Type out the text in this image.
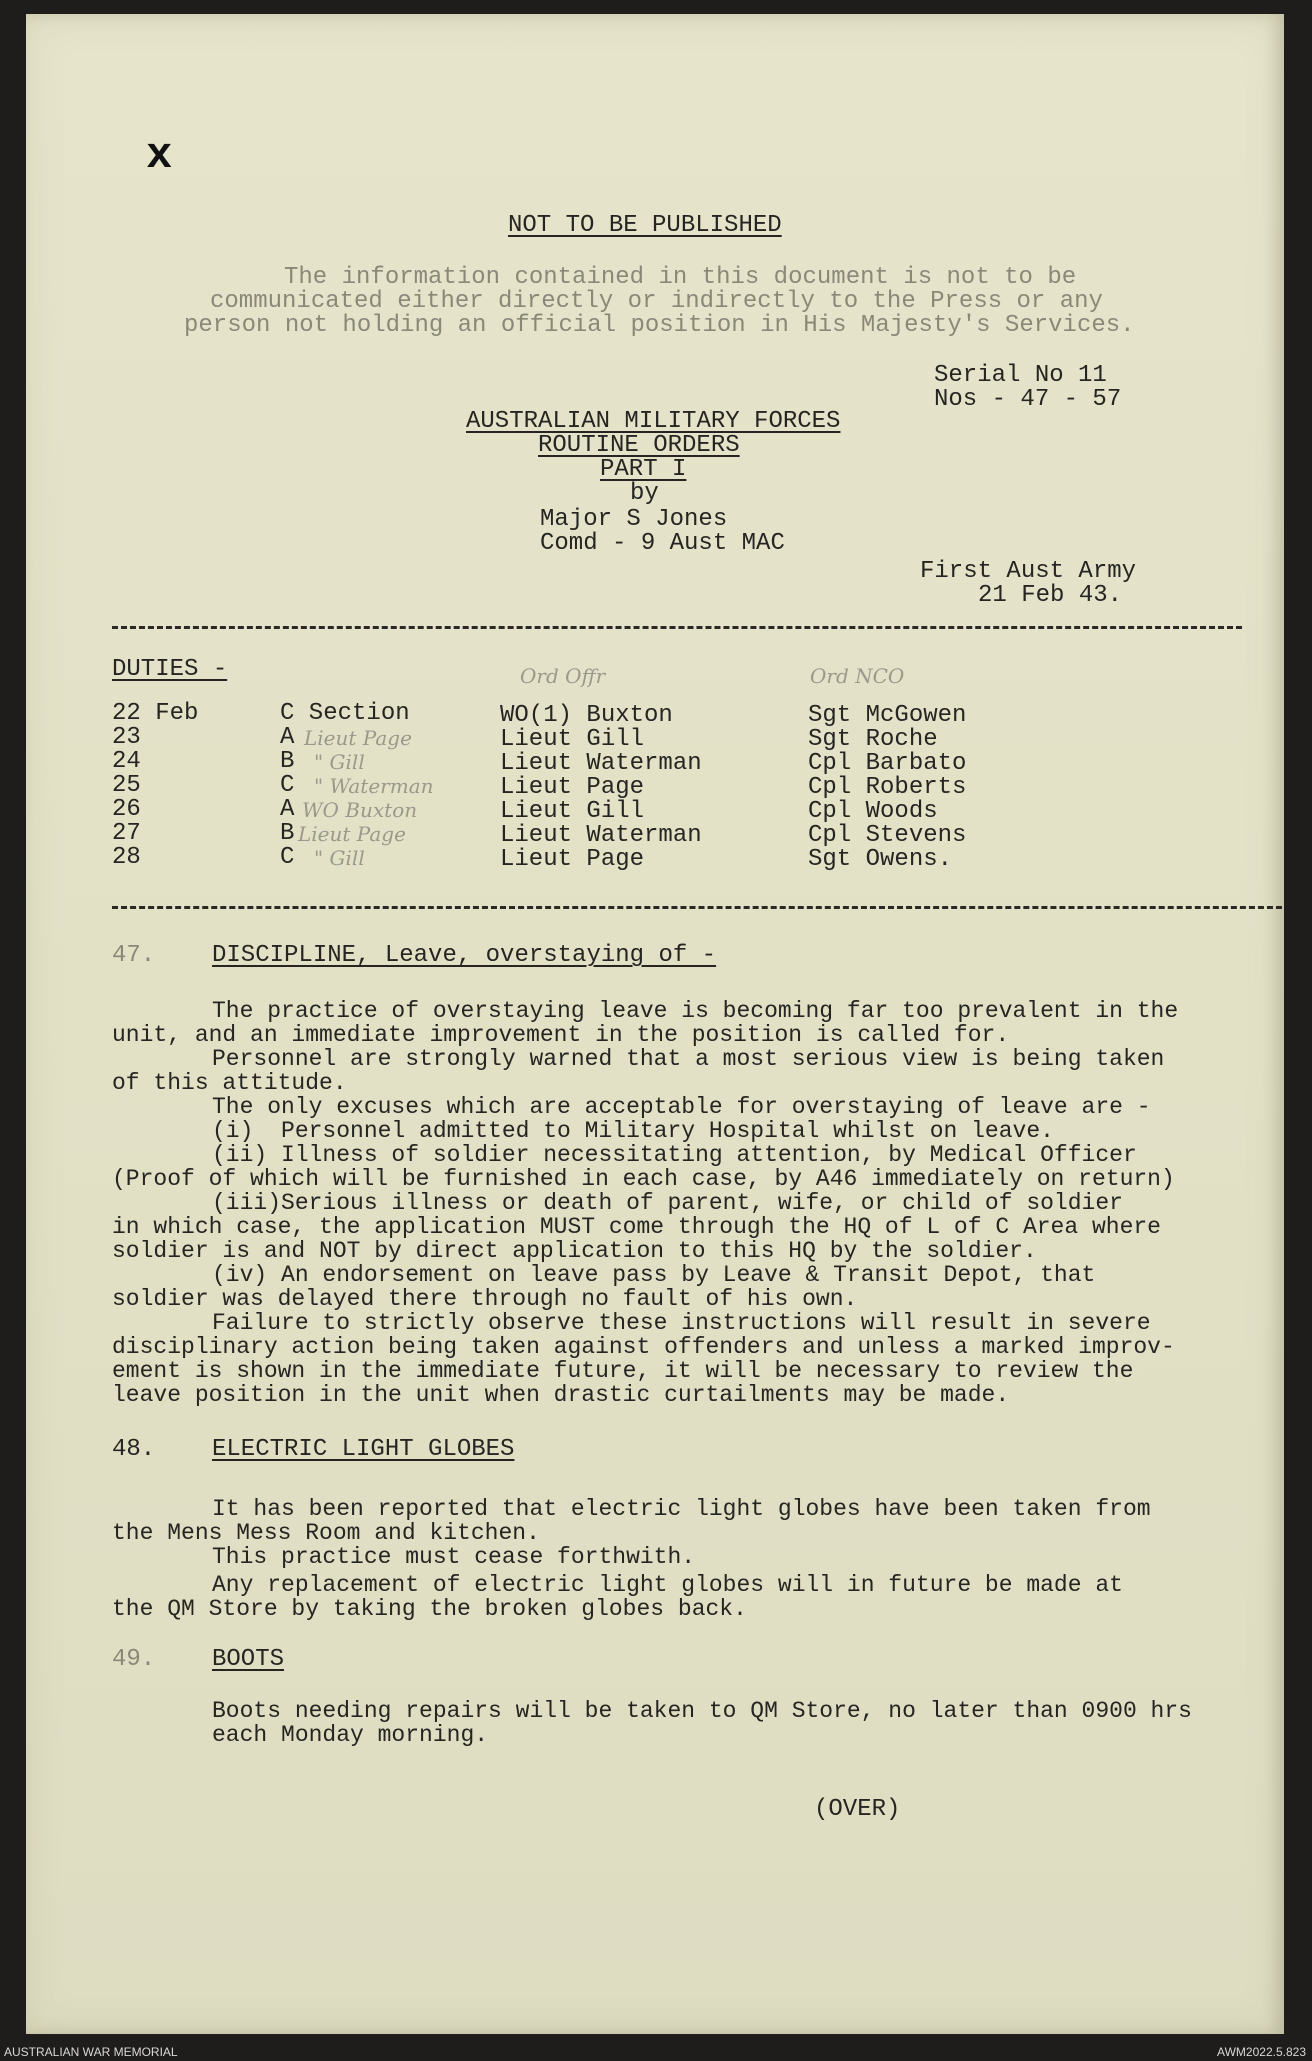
x
NOT TO BE PUBLISHED
The information contained in this document is not to be
communicated either directly or indirectly to the Press or any
person not holding an official position in His Majesty's Services.
Serial No 11
Nos - 47 - 57
AUSTRALIAN MILITARY FORCES
ROUTINE ORDERS
PART I
by
Major S Jones
Comd - 9 Aust MAC
First Aust Army
21 Feb 43.
DUTIES -	Ord Offr	Ord NCO
22 Feb	C Section	WO(1) Buxton	Sgt McGowen
23	A Lieut Page	Lieut Gill	Sgt Roche
24	B " Gill	Lieut Waterman	Cpl Barbato
25	C " Waterman	Lieut Page	Cpl Roberts
26	A WO Buxton	Lieut Gill	Cpl Woods
27	B Lieut Page	Lieut Waterman	Cpl Stevens
28	C " Gill	Lieut Page	Sgt Owens.
47. DISCIPLINE, Leave, overstaying of -
The practice of overstaying leave is becoming far too prevalent in the
unit, and an immediate improvement in the position is called for.
Personnel are strongly warned that a most serious view is being taken
of this attitude.
The only excuses which are acceptable for overstaying of leave are -
(i)  Personnel admitted to Military Hospital whilst on leave.
(ii) Illness of soldier necessitating attention, by Medical Officer
(Proof of which will be furnished in each case, by A46 immediately on return)
(iii)Serious illness or death of parent, wife, or child of soldier
in which case, the application MUST come through the HQ of L of C Area where
soldier is and NOT by direct application to this HQ by the soldier.
(iv) An endorsement on leave pass by Leave & Transit Depot, that
soldier was delayed there through no fault of his own.
Failure to strictly observe these instructions will result in severe
disciplinary action being taken against offenders and unless a marked improv-
ement is shown in the immediate future, it will be necessary to review the
leave position in the unit when drastic curtailments may be made.
48. ELECTRIC LIGHT GLOBES
It has been reported that electric light globes have been taken from
the Mens Mess Room and kitchen.
This practice must cease forthwith.
Any replacement of electric light globes will in future be made at
the QM Store by taking the broken globes back.
49. BOOTS
Boots needing repairs will be taken to QM Store, no later than 0900 hrs
each Monday morning.
(OVER)
AUSTRALIAN WAR MEMORIAL	AWM2022.5.823
